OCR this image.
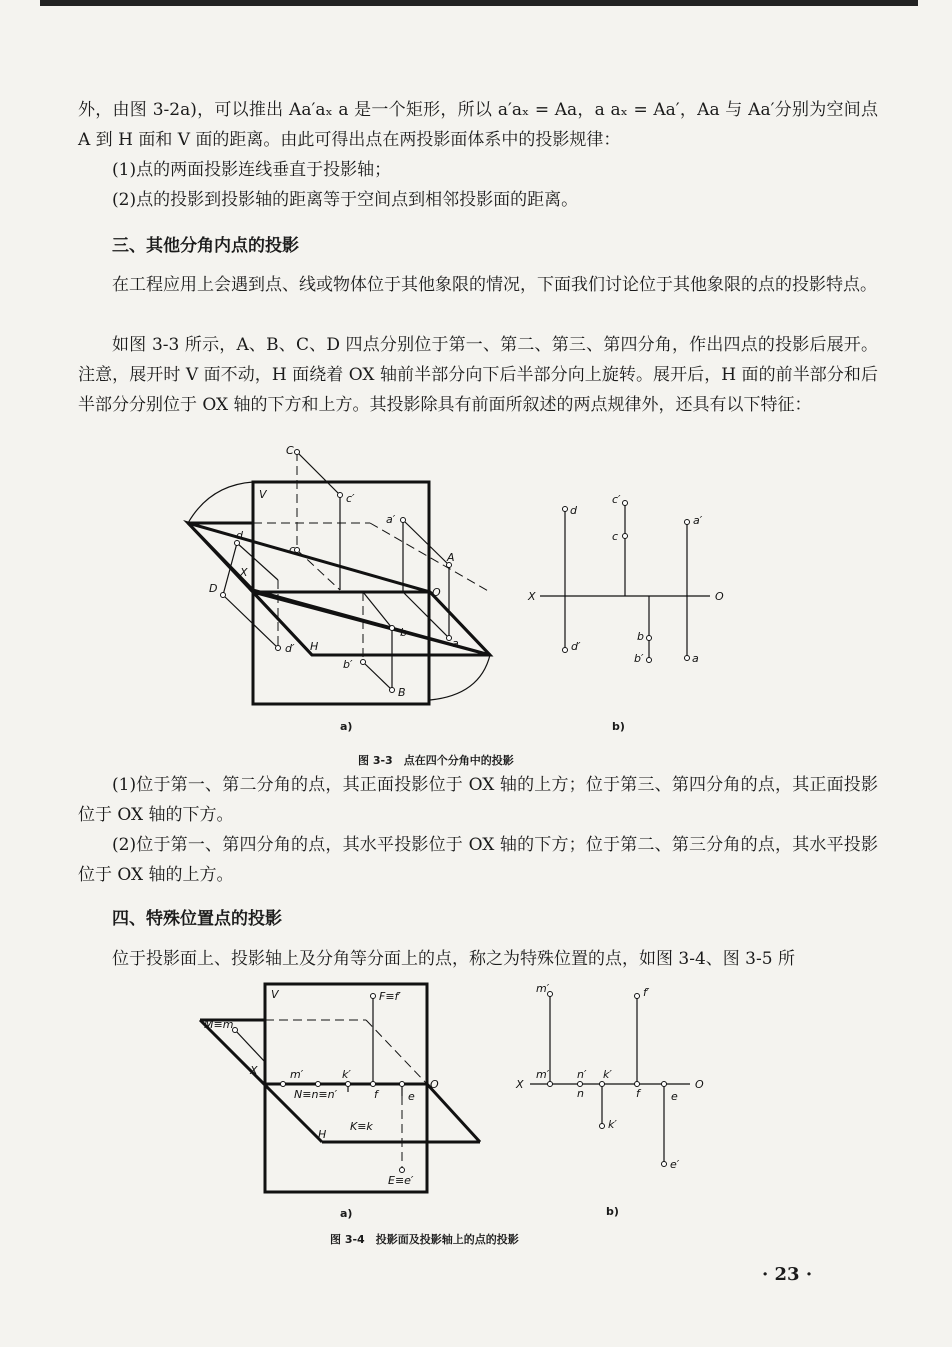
外，由图 3-2a)，可以推出 Aa′aₓ a 是一个矩形，所以 a′aₓ = Aa，a aₓ = Aa′，Aa 与 Aa′分别为空间点 A 到 H 面和 V 面的距离。由此可得出点在两投影面体系中的投影规律：

(1)点的两面投影连线垂直于投影轴；

(2)点的投影到投影轴的距离等于空间点到相邻投影面的距离。

三、其他分角内点的投影

在工程应用上会遇到点、线或物体位于其他象限的情况，下面我们讨论位于其他象限的点的投影特点。

如图 3-3 所示，A、B、C、D 四点分别位于第一、第二、第三、第四分角，作出四点的投影后展开。注意，展开时 V 面不动，H 面绕着 OX 轴前半部分向下后半部分向上旋转。展开后，H 面的前半部分和后半部分分别位于 OX 轴的下方和上方。其投影除具有前面所叙述的两点规律外，还具有以下特征：

C
V	c′
a′
d
c
A
X
D	O
b
a
d′ H
b′
B
d
c′
a′
c
X	O
b
d′
b′	a
a)	b)
图 3-3　点在四个分角中的投影

(1)位于第一、第二分角的点，其正面投影位于 OX 轴的上方；位于第三、第四分角的点，其正面投影位于 OX 轴的下方。

(2)位于第一、第四分角的点，其水平投影位于 OX 轴的下方；位于第二、第三分角的点，其水平投影位于 OX 轴的上方。

四、特殊位置点的投影

位于投影面上、投影轴上及分角等分面上的点，称之为特殊位置的点，如图 3-4、图 3-5 所

V
M≡m
F≡f′
X	m′	k′
O
N≡n≡n′	f	e
H
K≡k
E≡e′
m′	f′
m′	n′ k′
X	O
n	f	e
k′
e′
a)	b)
图 3-4　投影面及投影轴上的点的投影
· 23 ·
